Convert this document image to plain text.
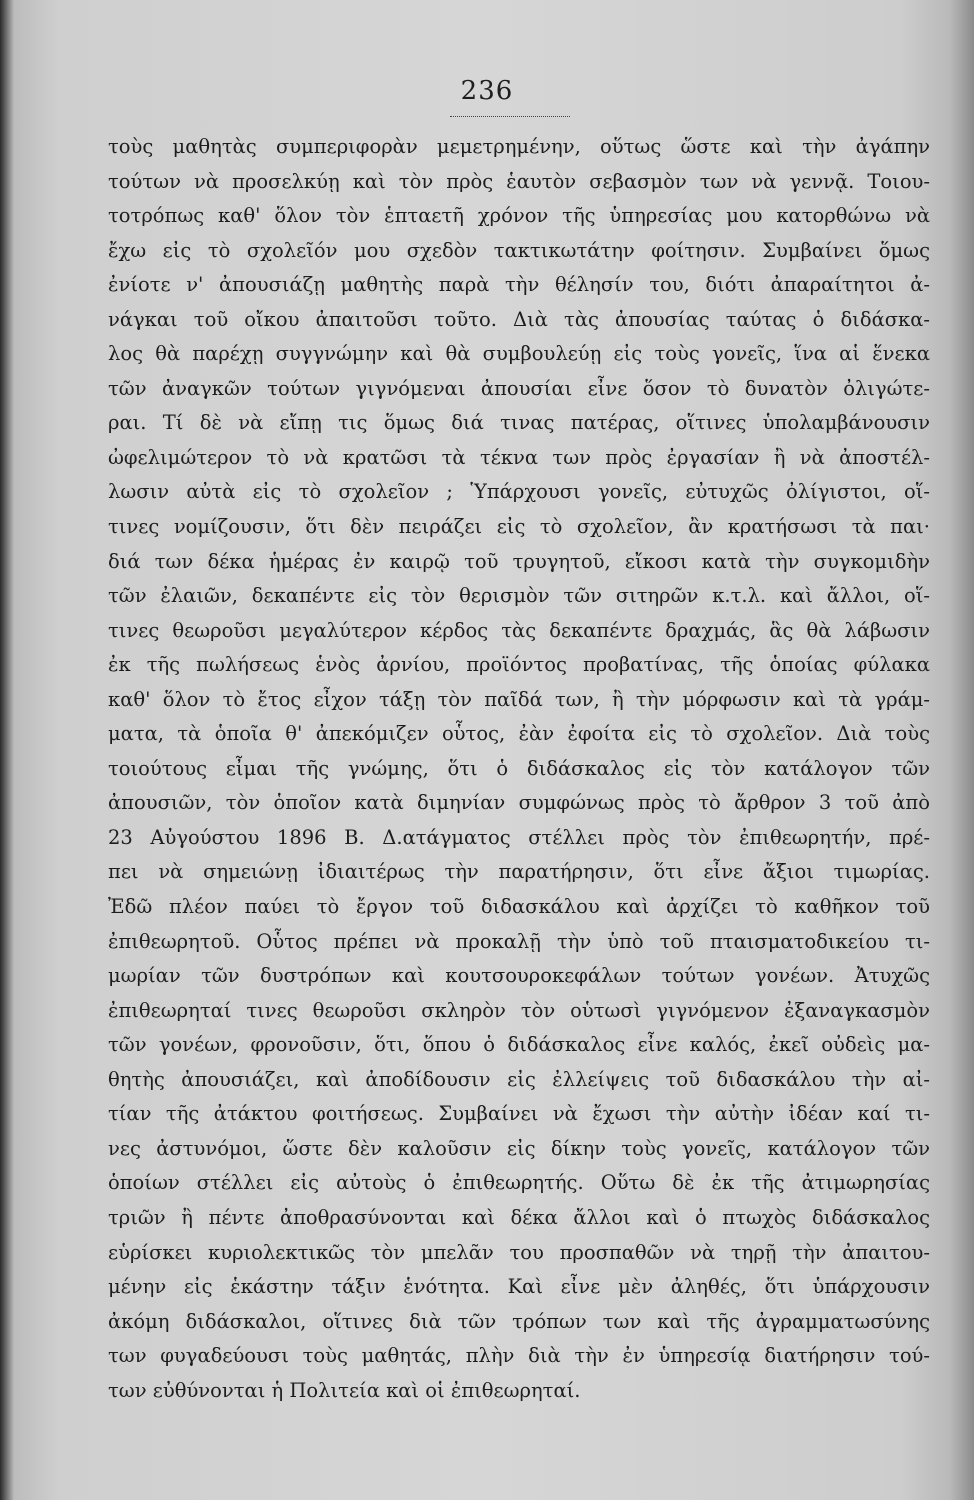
236
τοὺς μαθητὰς συμπεριφορὰν μεμετρημένην, οὕτως ὥστε καὶ τὴν ἀγάπην
τούτων νὰ προσελκύῃ καὶ τὸν πρὸς ἑαυτὸν σεβασμὸν των νὰ γεννᾷ. Τοιου-
τοτρόπως καθ' ὅλον τὸν ἑπταετῆ χρόνον τῆς ὑπηρεσίας μου κατορθώνω νὰ
ἔχω εἰς τὸ σχολεῖόν μου σχεδὸν τακτικωτάτην φοίτησιν. Συμβαίνει ὅμως
ἐνίοτε ν' ἀπουσιάζῃ μαθητὴς παρὰ τὴν θέλησίν του, διότι ἀπαραίτητοι ἀ-
νάγκαι τοῦ οἴκου ἀπαιτοῦσι τοῦτο. Διὰ τὰς ἀπουσίας ταύτας ὁ διδάσκα-
λος θὰ παρέχῃ συγγνώμην καὶ θὰ συμβουλεύῃ εἰς τοὺς γονεῖς, ἵνα αἱ ἕνεκα
τῶν ἀναγκῶν τούτων γιγνόμεναι ἀπουσίαι εἶνε ὅσον τὸ δυνατὸν ὀλιγώτε-
ραι. Τί δὲ νὰ εἴπῃ τις ὅμως διά τινας πατέρας, οἵτινες ὑπολαμβάνουσιν
ὠφελιμώτερον τὸ νὰ κρατῶσι τὰ τέκνα των πρὸς ἐργασίαν ἢ νὰ ἀποστέλ-
λωσιν αὐτὰ εἰς τὸ σχολεῖον ; Ὑπάρχουσι γονεῖς, εὐτυχῶς ὀλίγιστοι, οἵ-
τινες νομίζουσιν, ὅτι δὲν πειράζει εἰς τὸ σχολεῖον, ἂν κρατήσωσι τὰ παι·
διά των δέκα ἡμέρας ἐν καιρῷ τοῦ τρυγητοῦ, εἴκοσι κατὰ τὴν συγκομιδὴν
τῶν ἐλαιῶν, δεκαπέντε εἰς τὸν θερισμὸν τῶν σιτηρῶν κ.τ.λ. καὶ ἄλλοι, οἵ-
τινες θεωροῦσι μεγαλύτερον κέρδος τὰς δεκαπέντε δραχμάς, ἃς θὰ λάβωσιν
ἐκ τῆς πωλήσεως ἑνὸς ἀρνίου, προϊόντος προβατίνας, τῆς ὁποίας φύλακα
καθ' ὅλον τὸ ἔτος εἶχον τάξῃ τὸν παῖδά των, ἢ τὴν μόρφωσιν καὶ τὰ γράμ-
ματα, τὰ ὁποῖα θ' ἀπεκόμιζεν οὗτος, ἐὰν ἐφοίτα εἰς τὸ σχολεῖον. Διὰ τοὺς
τοιούτους εἶμαι τῆς γνώμης, ὅτι ὁ διδάσκαλος εἰς τὸν κατάλογον τῶν
ἀπουσιῶν, τὸν ὁποῖον κατὰ διμηνίαν συμφώνως πρὸς τὸ ἄρθρον 3 τοῦ ἀπὸ
23 Αὐγούστου 1896 Β. Δ.ατάγματος στέλλει πρὸς τὸν ἐπιθεωρητήν, πρέ-
πει νὰ σημειώνῃ ἰδιαιτέρως τὴν παρατήρησιν, ὅτι εἶνε ἄξιοι τιμωρίας.
Ἐδῶ πλέον παύει τὸ ἔργον τοῦ διδασκάλου καὶ ἀρχίζει τὸ καθῆκον τοῦ
ἐπιθεωρητοῦ. Οὗτος πρέπει νὰ προκαλῇ τὴν ὑπὸ τοῦ πταισματοδικείου τι-
μωρίαν τῶν δυστρόπων καὶ κουτσουροκεφάλων τούτων γονέων. Ἀτυχῶς
ἐπιθεωρηταί τινες θεωροῦσι σκληρὸν τὸν οὑτωσὶ γιγνόμενον ἐξαναγκασμὸν
τῶν γονέων, φρονοῦσιν, ὅτι, ὅπου ὁ διδάσκαλος εἶνε καλός, ἐκεῖ οὐδεὶς μα-
θητὴς ἀπουσιάζει, καὶ ἀποδίδουσιν εἰς ἐλλείψεις τοῦ διδασκάλου τὴν αἰ-
τίαν τῆς ἀτάκτου φοιτήσεως. Συμβαίνει νὰ ἔχωσι τὴν αὐτὴν ἰδέαν καί τι-
νες ἀστυνόμοι, ὥστε δὲν καλοῦσιν εἰς δίκην τοὺς γονεῖς, κατάλογον τῶν
ὁποίων στέλλει εἰς αὐτοὺς ὁ ἐπιθεωρητής. Οὕτω δὲ ἐκ τῆς ἀτιμωρησίας
τριῶν ἢ πέντε ἀποθρασύνονται καὶ δέκα ἄλλοι καὶ ὁ πτωχὸς διδάσκαλος
εὑρίσκει κυριολεκτικῶς τὸν μπελᾶν του προσπαθῶν νὰ τηρῇ τὴν ἀπαιτου-
μένην εἰς ἑκάστην τάξιν ἑνότητα. Καὶ εἶνε μὲν ἀληθές, ὅτι ὑπάρχουσιν
ἀκόμη διδάσκαλοι, οἵτινες διὰ τῶν τρόπων των καὶ τῆς ἀγραμματωσύνης
των φυγαδεύουσι τοὺς μαθητάς, πλὴν διὰ τὴν ἐν ὑπηρεσίᾳ διατήρησιν τού-
των εὐθύνονται ἡ Πολιτεία καὶ οἱ ἐπιθεωρηταί.
